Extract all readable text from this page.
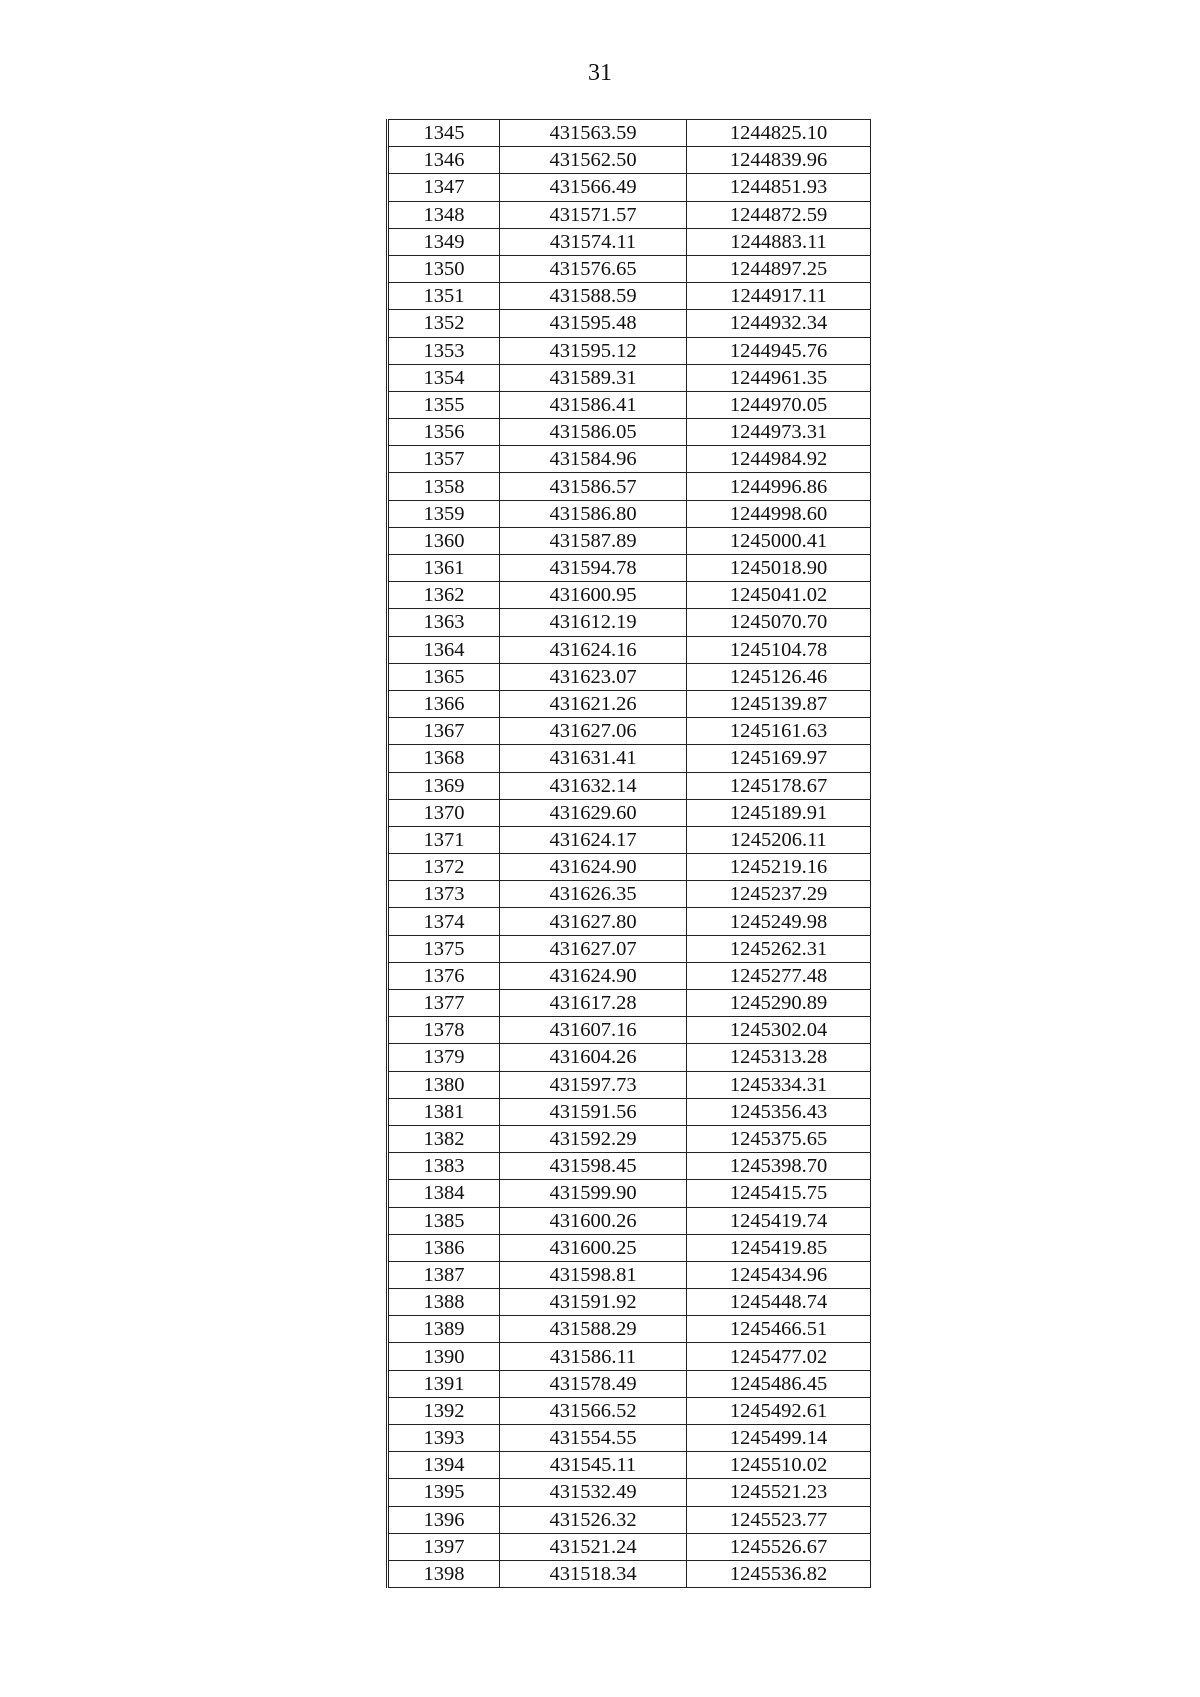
31
1345	431563.59	1244825.10
1346	431562.50	1244839.96
1347	431566.49	1244851.93
1348	431571.57	1244872.59
1349	431574.11	1244883.11
1350	431576.65	1244897.25
1351	431588.59	1244917.11
1352	431595.48	1244932.34
1353	431595.12	1244945.76
1354	431589.31	1244961.35
1355	431586.41	1244970.05
1356	431586.05	1244973.31
1357	431584.96	1244984.92
1358	431586.57	1244996.86
1359	431586.80	1244998.60
1360	431587.89	1245000.41
1361	431594.78	1245018.90
1362	431600.95	1245041.02
1363	431612.19	1245070.70
1364	431624.16	1245104.78
1365	431623.07	1245126.46
1366	431621.26	1245139.87
1367	431627.06	1245161.63
1368	431631.41	1245169.97
1369	431632.14	1245178.67
1370	431629.60	1245189.91
1371	431624.17	1245206.11
1372	431624.90	1245219.16
1373	431626.35	1245237.29
1374	431627.80	1245249.98
1375	431627.07	1245262.31
1376	431624.90	1245277.48
1377	431617.28	1245290.89
1378	431607.16	1245302.04
1379	431604.26	1245313.28
1380	431597.73	1245334.31
1381	431591.56	1245356.43
1382	431592.29	1245375.65
1383	431598.45	1245398.70
1384	431599.90	1245415.75
1385	431600.26	1245419.74
1386	431600.25	1245419.85
1387	431598.81	1245434.96
1388	431591.92	1245448.74
1389	431588.29	1245466.51
1390	431586.11	1245477.02
1391	431578.49	1245486.45
1392	431566.52	1245492.61
1393	431554.55	1245499.14
1394	431545.11	1245510.02
1395	431532.49	1245521.23
1396	431526.32	1245523.77
1397	431521.24	1245526.67
1398	431518.34	1245536.82
